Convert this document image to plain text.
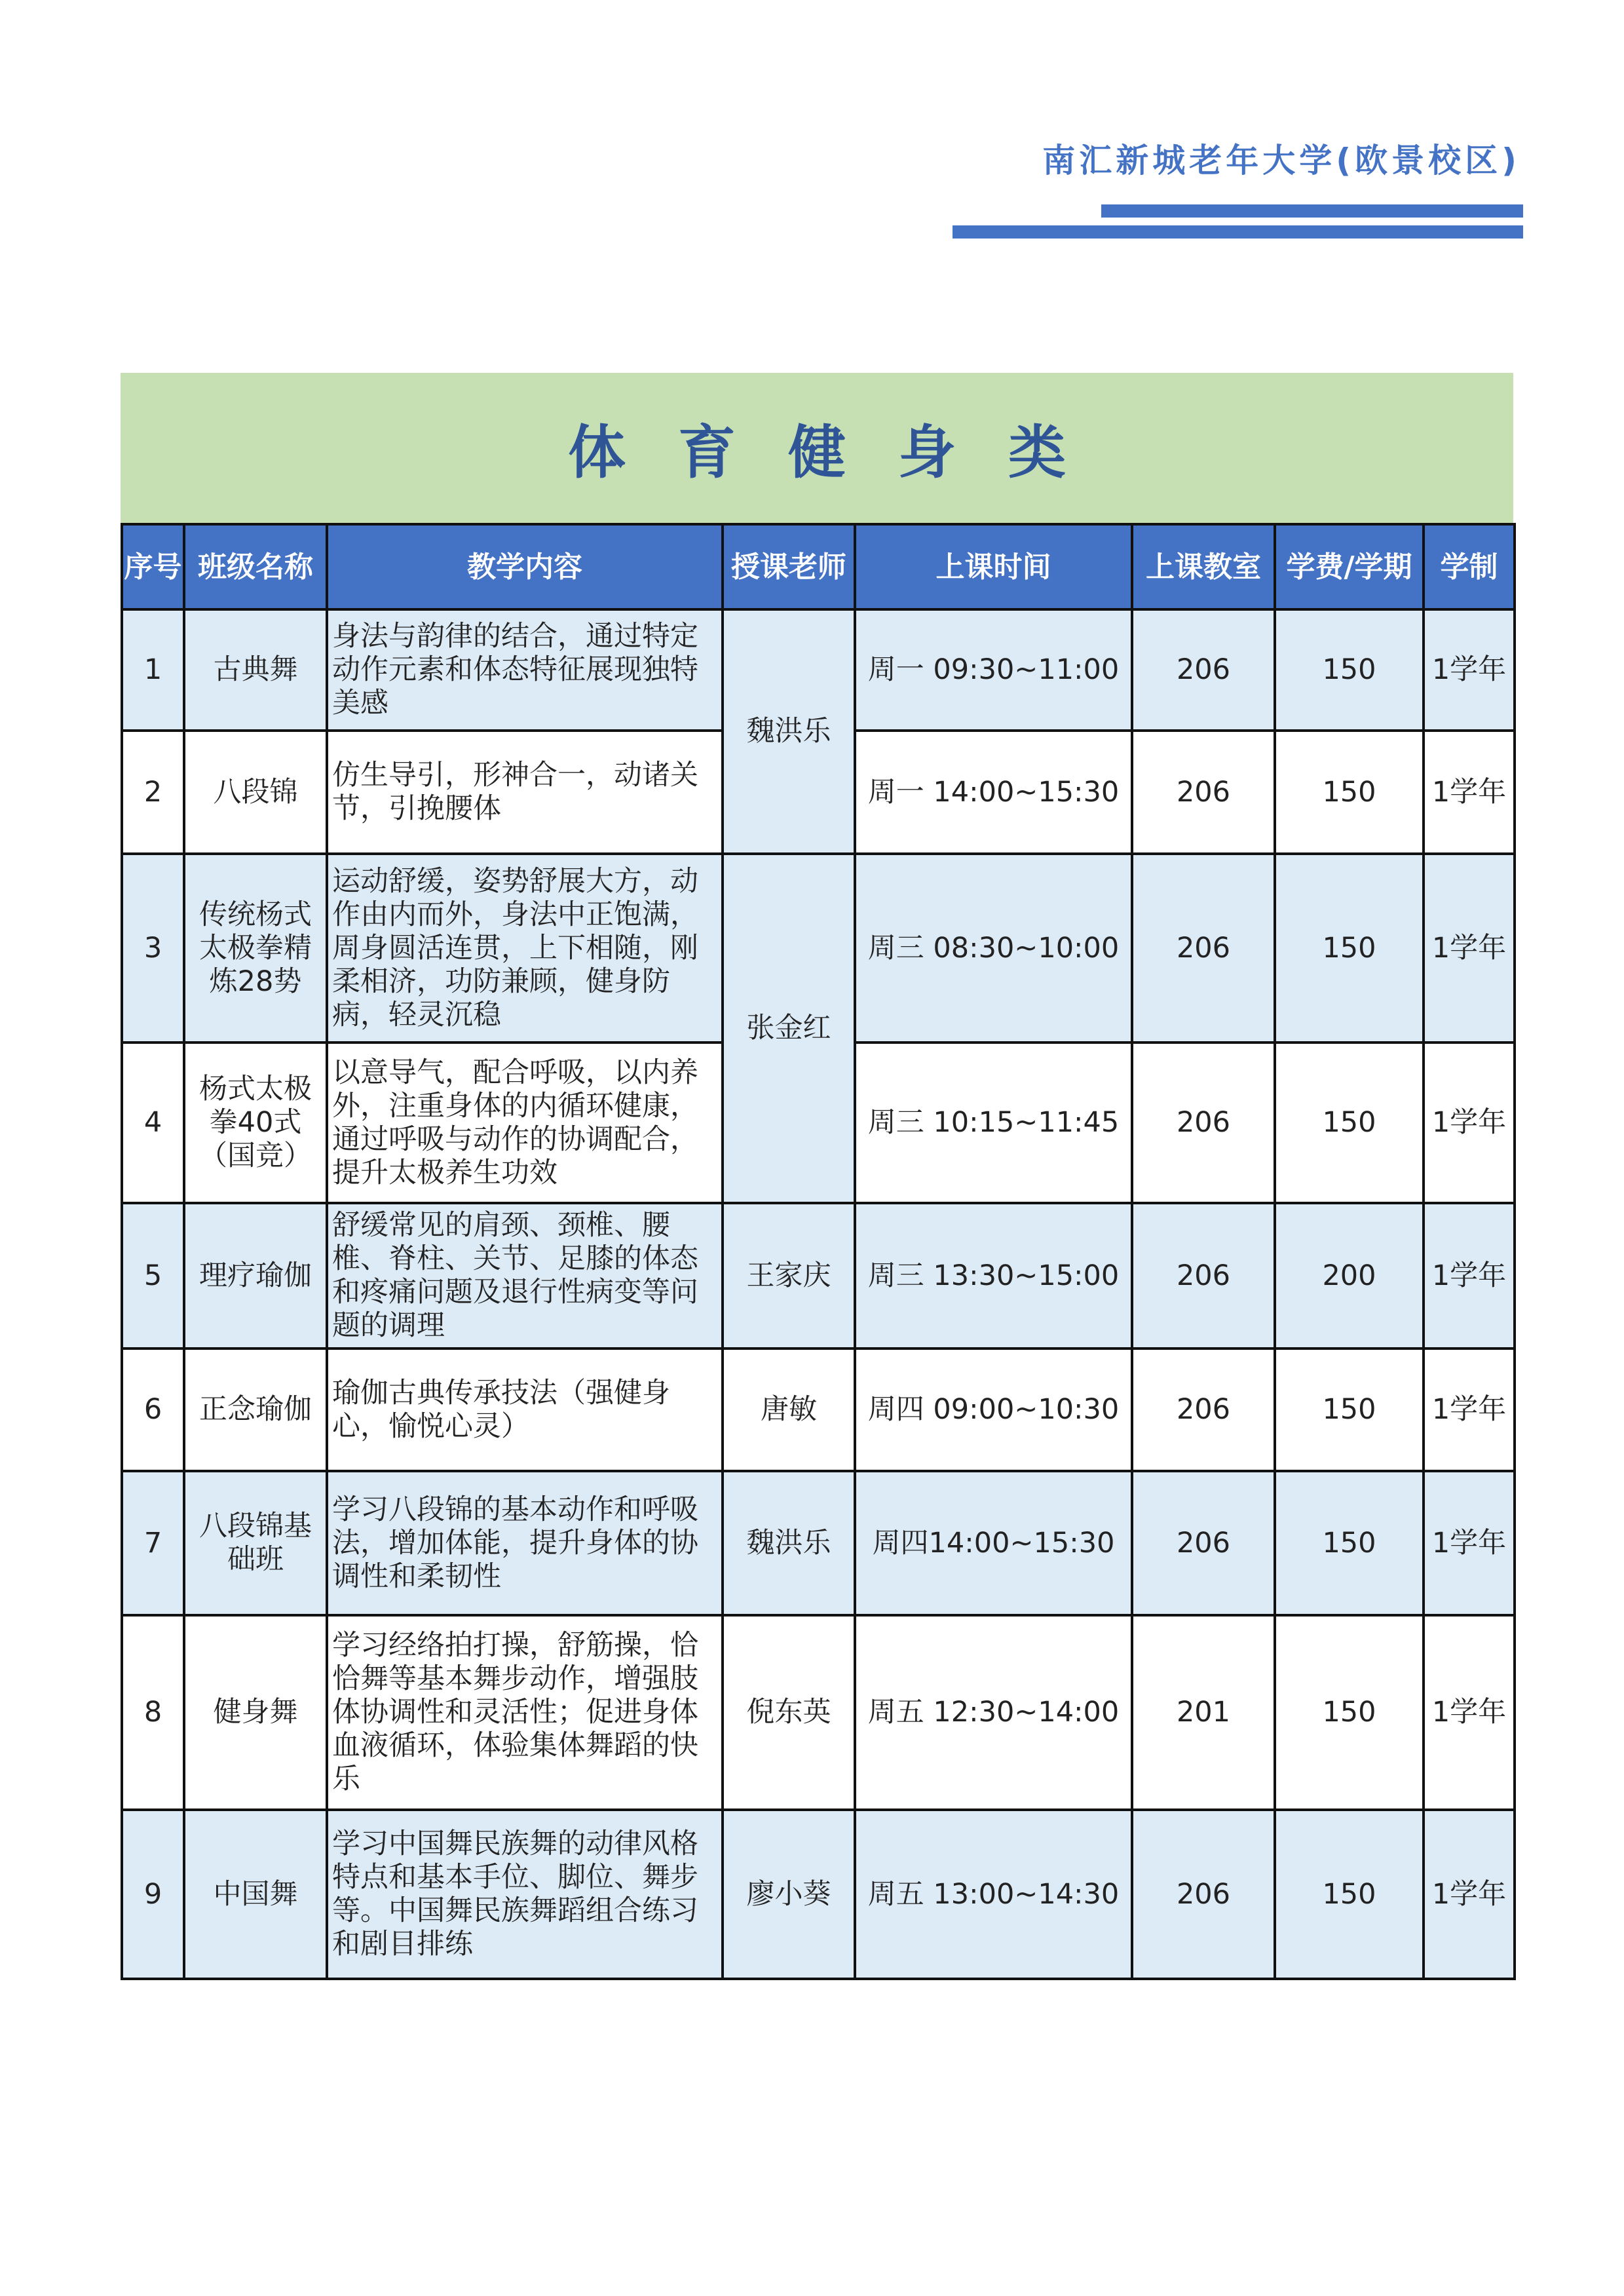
南汇新城老年大学(欧景校区)
体育健身类
序号	班级名称	教学内容	授课老师	上课时间	上课教室	学费/学期	学制
1	古典舞	身法与韵律的结合，通过特定动作元素和体态特征展现独特美感	魏洪乐	周一 09:30~11:00	206	150	1学年
2	八段锦	仿生导引，形神合一，动诸关节，引挽腰体		周一 14:00~15:30	206	150	1学年
3	传统杨式太极拳精炼28势	运动舒缓，姿势舒展大方，动作由内而外，身法中正饱满，周身圆活连贯，上下相随，刚柔相济，功防兼顾，健身防病，轻灵沉稳	张金红	周三 08:30~10:00	206	150	1学年
4	杨式太极拳40式（国竞）	以意导气，配合呼吸，以内养外，注重身体的内循环健康，通过呼吸与动作的协调配合，提升太极养生功效		周三 10:15~11:45	206	150	1学年
5	理疗瑜伽	舒缓常见的肩颈、颈椎、腰椎、脊柱、关节、足膝的体态和疼痛问题及退行性病变等问题的调理	王家庆	周三 13:30~15:00	206	200	1学年
6	正念瑜伽	瑜伽古典传承技法（强健身心，愉悦心灵）	唐敏	周四 09:00~10:30	206	150	1学年
7	八段锦基础班	学习八段锦的基本动作和呼吸法，增加体能，提升身体的协调性和柔韧性	魏洪乐	周四14:00~15:30	206	150	1学年
8	健身舞	学习经络拍打操，舒筋操，恰恰舞等基本舞步动作，增强肢体协调性和灵活性；促进身体血液循环，体验集体舞蹈的快乐	倪东英	周五 12:30~14:00	201	150	1学年
9	中国舞	学习中国舞民族舞的动律风格特点和基本手位、脚位、舞步等。中国舞民族舞蹈组合练习和剧目排练	廖小葵	周五 13:00~14:30	206	150	1学年
